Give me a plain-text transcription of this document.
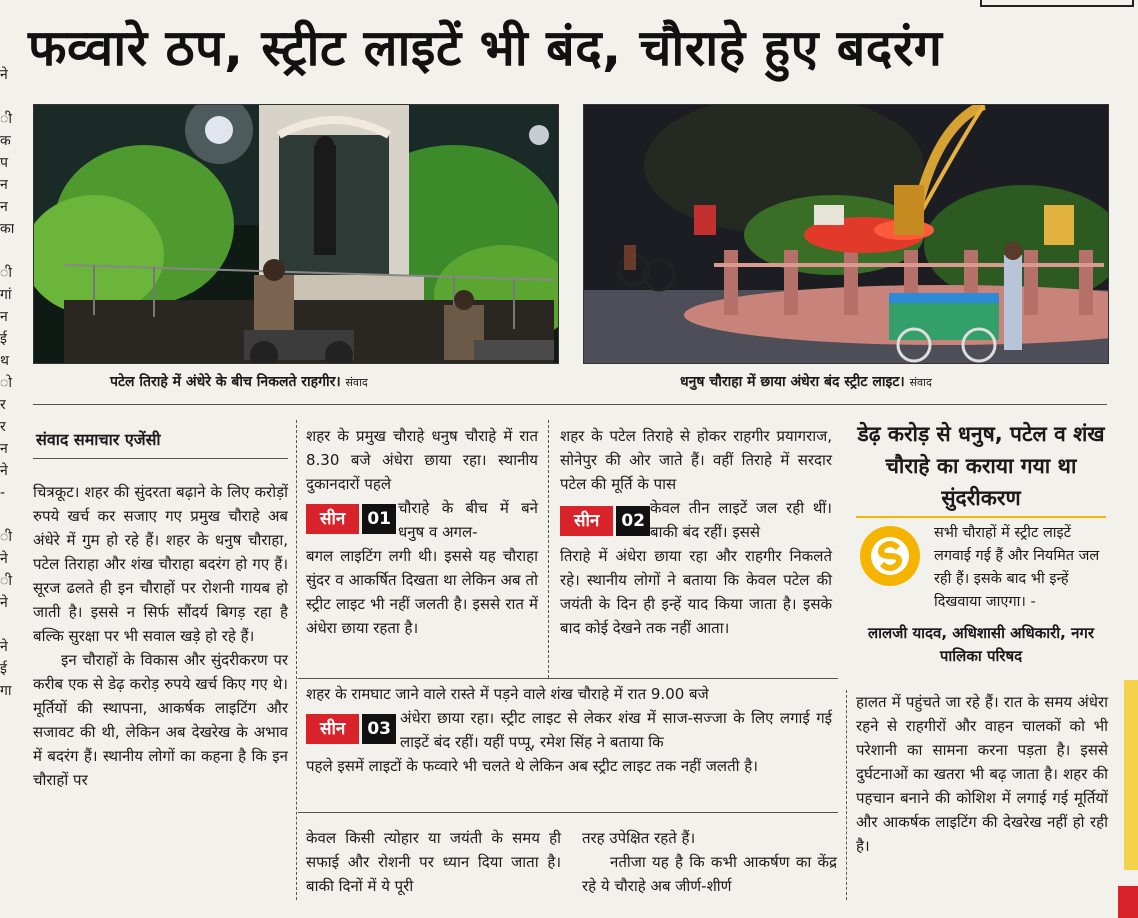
फव्वारे ठप, स्ट्रीट लाइटें भी बंद, चौराहे हुए बदरंग
ने
ी
क
प
न
न
का
ी
गां
न
ई
थ
ो
र
र
न
ने
-
ी
ने
ी
ने
ने
ई
गा
पटेल तिराहे में अंधेरे के बीच निकलते राहगीर। संवाद	धनुष चौराहा में छाया अंधेरा बंद स्ट्रीट लाइट। संवाद
संवाद समाचार एजेंसी

चित्रकूट। शहर की सुंदरता बढ़ाने के लिए करोड़ों रुपये खर्च कर सजाए गए प्रमुख चौराहे अब अंधेरे में गुम हो रहे हैं। शहर के धनुष चौराहा, पटेल तिराहा और शंख चौराहा बदरंग हो गए हैं। सूरज ढलते ही इन चौराहों पर रोशनी गायब हो जाती है। इससे न सिर्फ सौंदर्य बिगड़ रहा है बल्कि सुरक्षा पर भी सवाल खड़े हो रहे हैं।

इन चौराहों के विकास और सुंदरीकरण पर करीब एक से डेढ़ करोड़ रुपये खर्च किए गए थे। मूर्तियों की स्थापना, आकर्षक लाइटिंग और सजावट की थी, लेकिन अब देखरेख के अभाव में बदरंग हैं। स्थानीय लोगों का कहना है कि इन चौराहों पर

शहर के प्रमुख चौराहे धनुष चौराहे में रात 8.30 बजे अंधेरा छाया रहा। स्थानीय दुकानदारों पहले
सीन	01
चौराहे के बीच में बने धनुष व अगल-
बगल लाइटिंग लगी थी। इससे यह चौराहा सुंदर व आकर्षित दिखता था लेकिन अब तो स्ट्रीट लाइट भी नहीं जलती है। इससे रात में अंधेरा छाया रहता है।
शहर के पटेल तिराहे से होकर राहगीर प्रयागराज, सोनेपुर की ओर जाते हैं। वहीं तिराहे में सरदार पटेल की मूर्ति के पास
सीन	02
केवल तीन लाइटें जल रही थीं। बाकी बंद रहीं। इससे
तिराहे में अंधेरा छाया रहा और राहगीर निकलते रहे। स्थानीय लोगों ने बताया कि केवल पटेल की जयंती के दिन ही इन्हें याद किया जाता है। इसके बाद कोई देखने तक नहीं आता।
डेढ़ करोड़ से धनुष, पटेल व शंख चौराहे का कराया गया था सुंदरीकरण
सभी चौराहों में स्ट्रीट लाइटें लगवाई गई हैं और नियमित जल रही हैं। इसके बाद भी इन्हें दिखवाया जाएगा। -
लालजी यादव, अधिशासी अधिकारी, नगर पालिका परिषद
शहर के रामघाट जाने वाले रास्ते में पड़ने वाले शंख चौराहे में रात 9.00 बजे
सीन	03
अंधेरा छाया रहा। स्ट्रीट लाइट से लेकर शंख में साज-सज्जा के लिए लगाई गई लाइटें बंद रहीं। यहीं पप्पू, रमेश सिंह ने बताया कि
पहले इसमें लाइटों के फव्वारे भी चलते थे लेकिन अब स्ट्रीट लाइट तक नहीं जलती है।
केवल किसी त्योहार या जयंती के समय ही सफाई और रोशनी पर ध्यान दिया जाता है। बाकी दिनों में ये पूरी

तरह उपेक्षित रहते हैं।

नतीजा यह है कि कभी आकर्षण का केंद्र रहे ये चौराहे अब जीर्ण-शीर्ण

हालत में पहुंचते जा रहे हैं। रात के समय अंधेरा रहने से राहगीरों और वाहन चालकों को भी परेशानी का सामना करना पड़ता है। इससे दुर्घटनाओं का खतरा भी बढ़ जाता है। शहर की पहचान बनाने की कोशिश में लगाई गई मूर्तियों और आकर्षक लाइटिंग की देखरेख नहीं हो रही है।
